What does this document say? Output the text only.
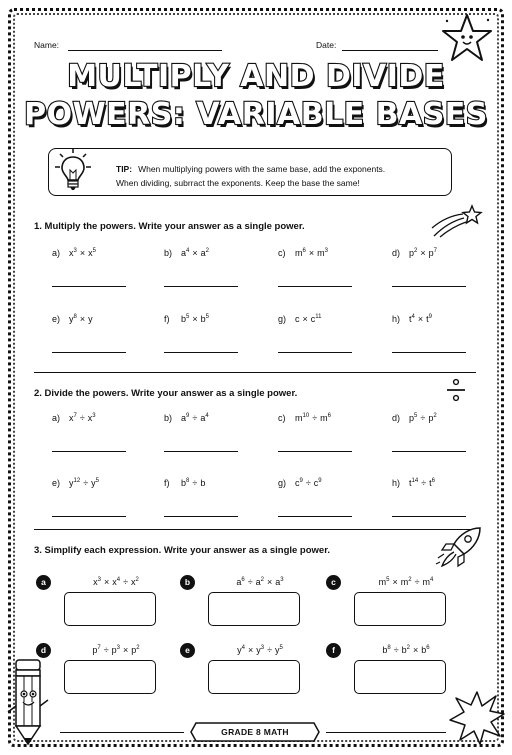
Name:	Date:
MULTIPLY AND DIVIDE
POWERS: VARIABLE BASES
TIP: When multiplying powers with the same base, add the exponents.
When dividing, subrract the exponents. Keep the base the same!
1. Multiply the powers. Write your answer as a single power.
a) $x^3 \times x^5$	b) $a^4 \times a^2$	c) $m^6 \times m^3$	d) $p^2 \times p^7$
e) $y^8 \times y$	f) $b^5 \times b^5$	g) $c \times c^{11}$	h) $t^4 \times t^9$
2. Divide the powers. Write your answer as a single power.
a) $x^7 \div x^3$	b) $a^9 \div a^4$	c) $m^{10} \div m^6$	d) $p^5 \div p^2$
e) $y^{12} \div y^5$	f) $b^8 \div b$	g) $c^9 \div c^9$	h) $t^{14} \div t^6$
3. Simplify each expression. Write your answer as a single power.
a	$x^3 \times x^4 \div x^2$	b	$a^6 \div a^2 \times a^3$	c	$m^5 \times m^2 \div m^4$
d	$p^7 \div p^3 \times p^2$	e	$y^4 \times y^3 \div y^5$	f	$b^8 \div b^2 \times b^6$
GRADE 8 MATH
